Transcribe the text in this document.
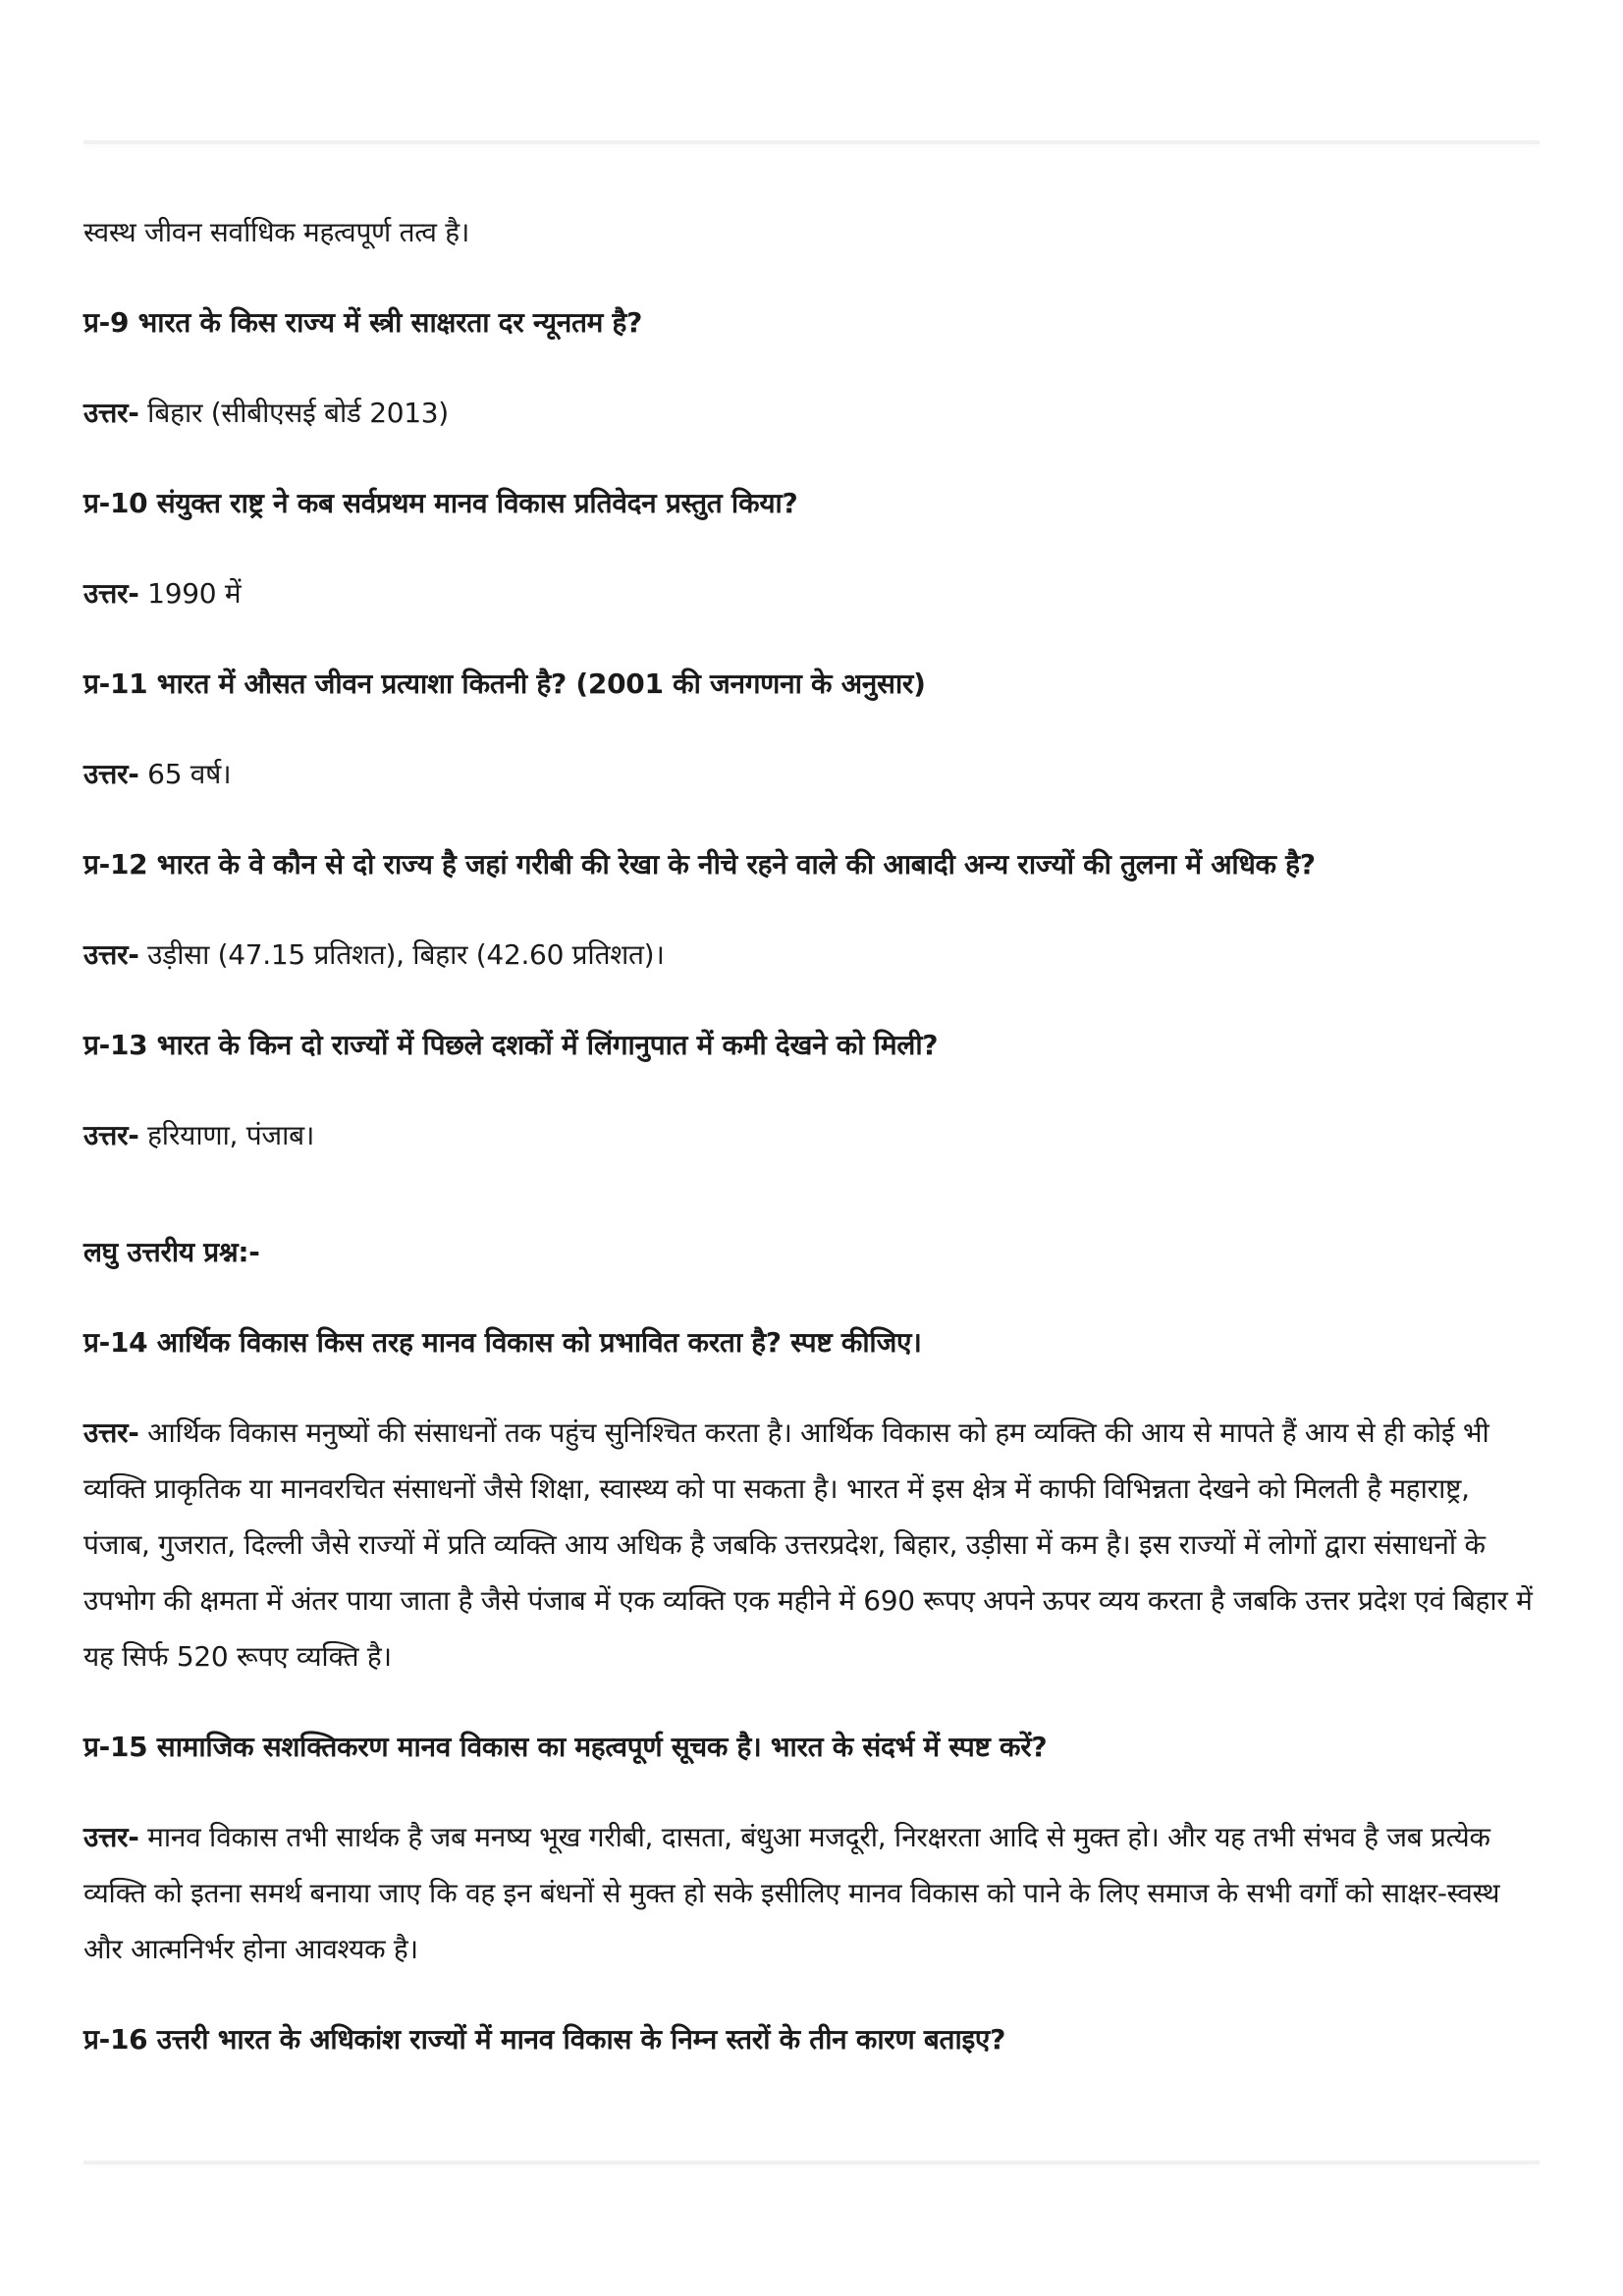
स्वस्थ जीवन सर्वाधिक महत्वपूर्ण तत्व है।

प्र-9 भारत के किस राज्य में स्त्री साक्षरता दर न्यूनतम है?

उत्तर- बिहार (सीबीएसई बोर्ड 2013)

प्र-10 संयुक्त राष्ट्र ने कब सर्वप्रथम मानव विकास प्रतिवेदन प्रस्तुत किया?

उत्तर- 1990 में

प्र-11 भारत में औसत जीवन प्रत्याशा कितनी है? (2001 की जनगणना के अनुसार)

उत्तर- 65 वर्ष।

प्र-12 भारत के वे कौन से दो राज्य है जहां गरीबी की रेखा के नीचे रहने वाले की आबादी अन्य राज्यों की तुलना में अधिक है?

उत्तर- उड़ीसा (47.15 प्रतिशत), बिहार (42.60 प्रतिशत)।

प्र-13 भारत के किन दो राज्यों में पिछले दशकों में लिंगानुपात में कमी देखने को मिली?

उत्तर- हरियाणा, पंजाब।

लघु उत्तरीय प्रश्न:-

प्र-14 आर्थिक विकास किस तरह मानव विकास को प्रभावित करता है? स्पष्ट कीजिए।

उत्तर- आर्थिक विकास मनुष्यों की संसाधनों तक पहुंच सुनिश्चित करता है। आर्थिक विकास को हम व्यक्ति की आय से मापते हैं आय से ही कोई भी व्यक्ति प्राकृतिक या मानवरचित संसाधनों जैसे शिक्षा, स्वास्थ्य को पा सकता है। भारत में इस क्षेत्र में काफी विभिन्नता देखने को मिलती है महाराष्ट्र, पंजाब, गुजरात, दिल्ली जैसे राज्यों में प्रति व्यक्ति आय अधिक है जबकि उत्तरप्रदेश, बिहार, उड़ीसा में कम है। इस राज्यों में लोगों द्वारा संसाधनों के उपभोग की क्षमता में अंतर पाया जाता है जैसे पंजाब में एक व्यक्ति एक महीने में 690 रूपए अपने ऊपर व्यय करता है जबकि उत्तर प्रदेश एवं बिहार में यह सिर्फ 520 रूपए व्यक्ति है।

प्र-15 सामाजिक सशक्तिकरण मानव विकास का महत्वपूर्ण सूचक है। भारत के संदर्भ में स्पष्ट करें?

उत्तर- मानव विकास तभी सार्थक है जब मनष्य भूख गरीबी, दासता, बंधुआ मजदूरी, निरक्षरता आदि से मुक्त हो। और यह तभी संभव है जब प्रत्येक व्यक्ति को इतना समर्थ बनाया जाए कि वह इन बंधनों से मुक्त हो सके इसीलिए मानव विकास को पाने के लिए समाज के सभी वर्गों को साक्षर-स्वस्थ और आत्मनिर्भर होना आवश्यक है।

प्र-16 उत्तरी भारत के अधिकांश राज्यों में मानव विकास के निम्न स्तरों के तीन कारण बताइए?
